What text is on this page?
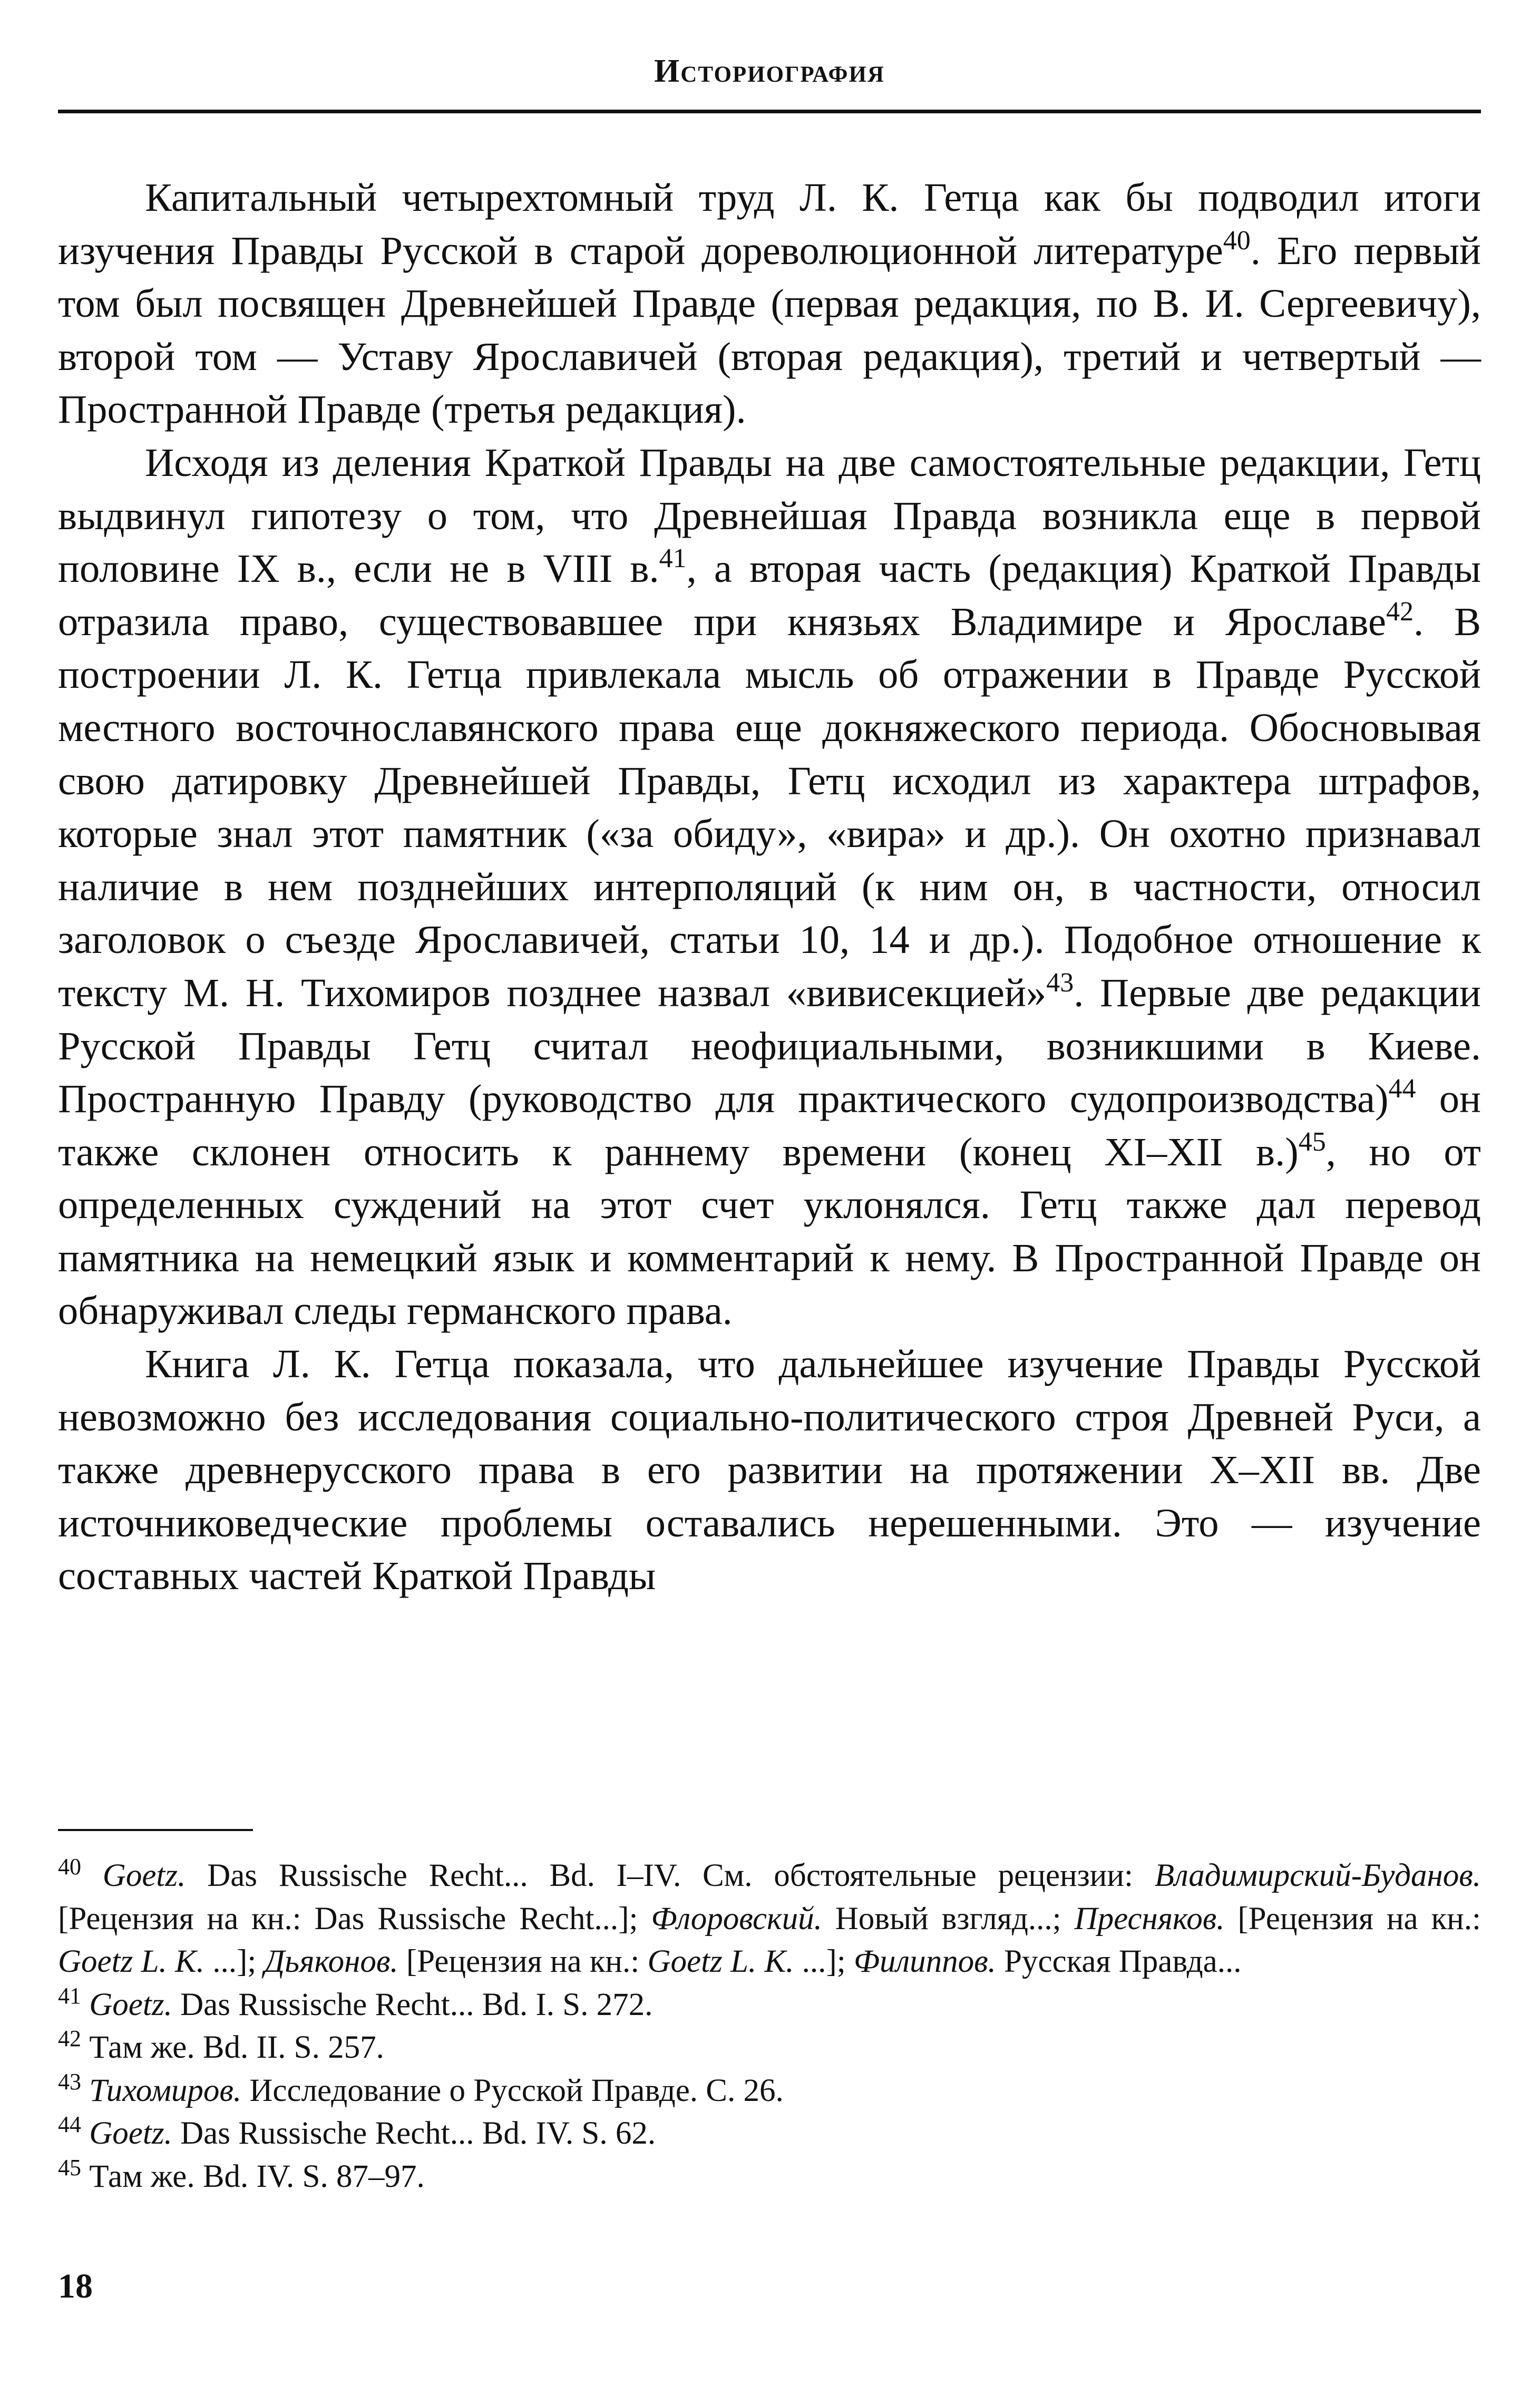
Историография

Капитальный четырехтомный труд Л. К. Гетца как бы подводил итоги изучения Правды Русской в старой дореволюционной литературе$^{40}$. Его первый том был посвящен Древнейшей Правде (первая редакция, по В. И. Сергеевичу), второй том — Уставу Ярославичей (вторая редакция), третий и четвертый — Пространной Правде (третья редакция).

Исходя из деления Краткой Правды на две самостоятельные редакции, Гетц выдвинул гипотезу о том, что Древнейшая Правда возникла еще в первой половине IX в., если не в VIII в.$^{41}$, а вторая часть (редакция) Краткой Правды отразила право, существовавшее при князьях Владимире и Ярославе$^{42}$. В построении Л. К. Гетца привлекала мысль об отражении в Правде Русской местного восточнославянского права еще докняжеского периода. Обосновывая свою датировку Древнейшей Правды, Гетц исходил из характера штрафов, которые знал этот памятник («за обиду», «вира» и др.). Он охотно признавал наличие в нем позднейших интерполяций (к ним он, в частности, относил заголовок о съезде Ярославичей, статьи 10, 14 и др.). Подобное отношение к тексту М. Н. Тихомиров позднее назвал «вивисекцией»$^{43}$. Первые две редакции Русской Правды Гетц считал неофициальными, возникшими в Киеве. Пространную Правду (руководство для практического судопроизводства)$^{44}$ он также склонен относить к раннему времени (конец XI–XII в.)$^{45}$, но от определенных суждений на этот счет уклонялся. Гетц также дал перевод памятника на немецкий язык и комментарий к нему. В Пространной Правде он обнаруживал следы германского права.

Книга Л. К. Гетца показала, что дальнейшее изучение Правды Русской невозможно без исследования социально-политического строя Древней Руси, а также древнерусского права в его развитии на протяжении X–XII вв. Две источниковедческие проблемы оставались нерешенными. Это — изучение составных частей Краткой Правды

$^{40}$ Goetz. Das Russische Recht... Bd. I–IV. См. обстоятельные рецензии: Владимирский-Буданов. [Рецензия на кн.: Das Russische Recht...]; Флоровский. Новый взгляд...; Пресняков. [Рецензия на кн.: Goetz L. K. ...]; Дьяконов. [Рецензия на кн.: Goetz L. K. ...]; Филиппов. Русская Правда...

$^{41}$ Goetz. Das Russische Recht... Bd. I. S. 272.

$^{42}$ Там же. Bd. II. S. 257.

$^{43}$ Тихомиров. Исследование о Русской Правде. С. 26.

$^{44}$ Goetz. Das Russische Recht... Bd. IV. S. 62.

$^{45}$ Там же. Bd. IV. S. 87–97.

18
